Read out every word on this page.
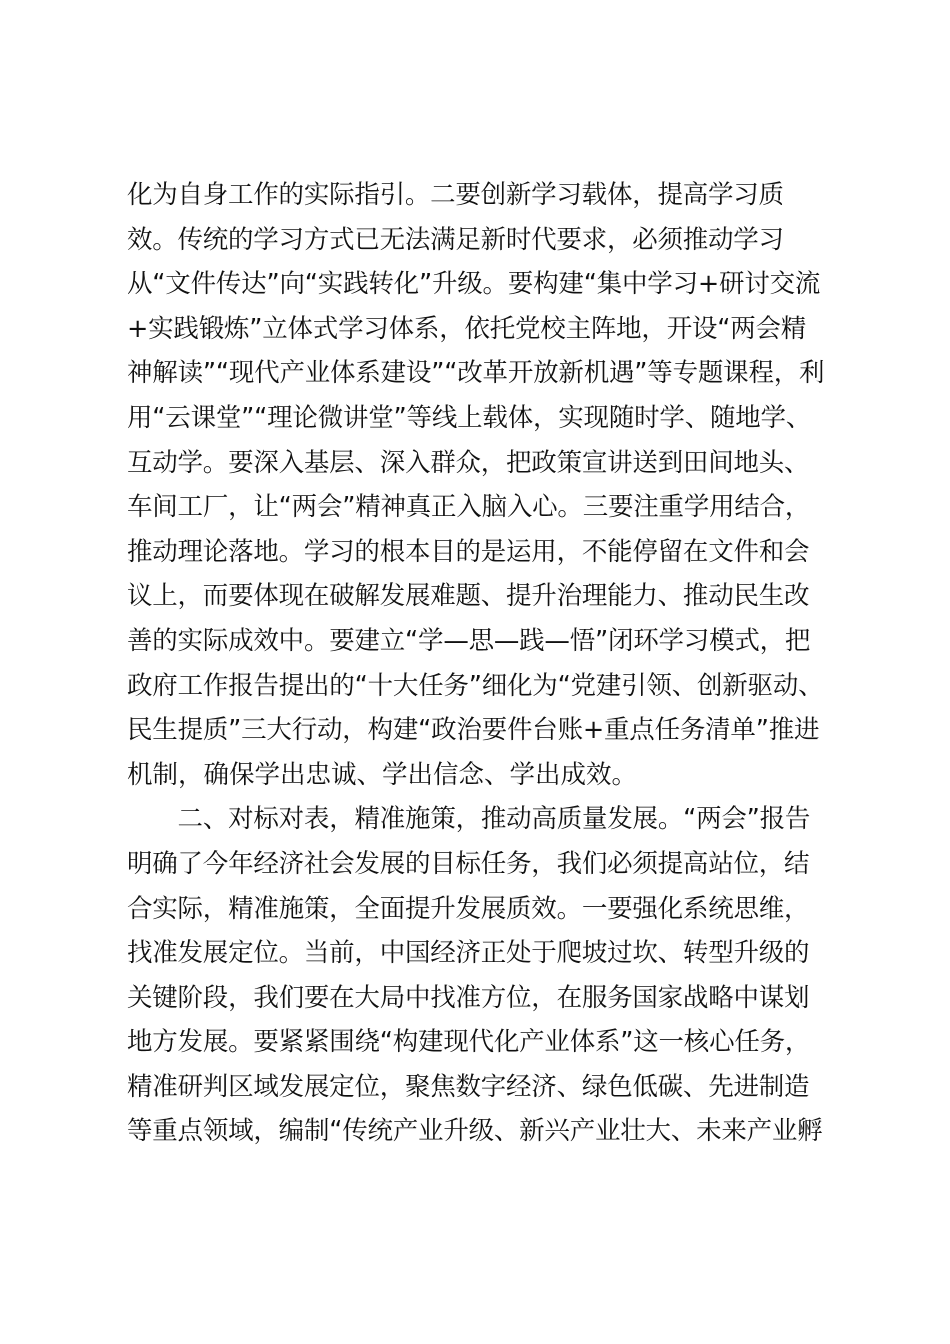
化为自身工作的实际指引。二要创新学习载体，提高学习质
效。传统的学习方式已无法满足新时代要求，必须推动学习
从“文件传达”向“实践转化”升级。要构建“集中学习+研讨交流
+实践锻炼”立体式学习体系，依托党校主阵地，开设“两会精
神解读”“现代产业体系建设”“改革开放新机遇”等专题课程，利
用“云课堂”“理论微讲堂”等线上载体，实现随时学、随地学、
互动学。要深入基层、深入群众，把政策宣讲送到田间地头、
车间工厂，让“两会”精神真正入脑入心。三要注重学用结合，
推动理论落地。学习的根本目的是运用，不能停留在文件和会
议上，而要体现在破解发展难题、提升治理能力、推动民生改
善的实际成效中。要建立“学—思—践—悟”闭环学习模式，把
政府工作报告提出的“十大任务”细化为“党建引领、创新驱动、
民生提质”三大行动，构建“政治要件台账+重点任务清单”推进
机制，确保学出忠诚、学出信念、学出成效。
　　二、对标对表，精准施策，推动高质量发展。“两会”报告
明确了今年经济社会发展的目标任务，我们必须提高站位，结
合实际，精准施策，全面提升发展质效。一要强化系统思维，
找准发展定位。当前，中国经济正处于爬坡过坎、转型升级的
关键阶段，我们要在大局中找准方位，在服务国家战略中谋划
地方发展。要紧紧围绕“构建现代化产业体系”这一核心任务，
精准研判区域发展定位，聚焦数字经济、绿色低碳、先进制造
等重点领域，编制“传统产业升级、新兴产业壮大、未来产业孵
